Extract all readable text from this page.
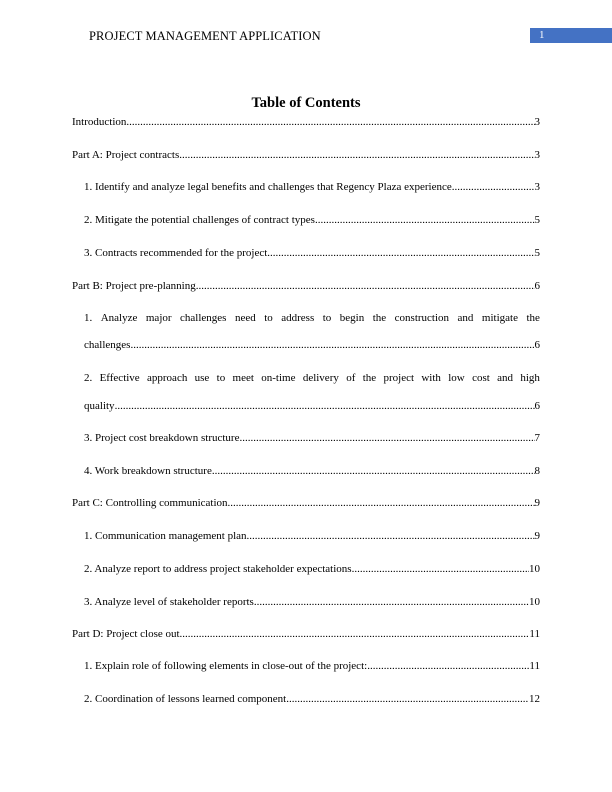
PROJECT MANAGEMENT APPLICATION	1
Table of Contents
Introduction .....	3
Part A: Project contracts .....	3
1. Identify and analyze legal benefits and challenges that Regency Plaza experience .....	3
2. Mitigate the potential challenges of contract types .....	5
3. Contracts recommended for the project .....	5
Part B: Project pre-planning .....	6
1. Analyze major challenges need to address to begin the construction and mitigate the
challenges .....	6
2. Effective approach use to meet on-time delivery of the project with low cost and high
quality .....	6
3. Project cost breakdown structure .....	7
4. Work breakdown structure .....	8
Part C: Controlling communication .....	9
1. Communication management plan .....	9
2. Analyze report to address project stakeholder expectations .....	10
3. Analyze level of stakeholder reports .....	10
Part D: Project close out .....	11
1. Explain role of following elements in close-out of the project: .....	11
2. Coordination of lessons learned component .....	12
